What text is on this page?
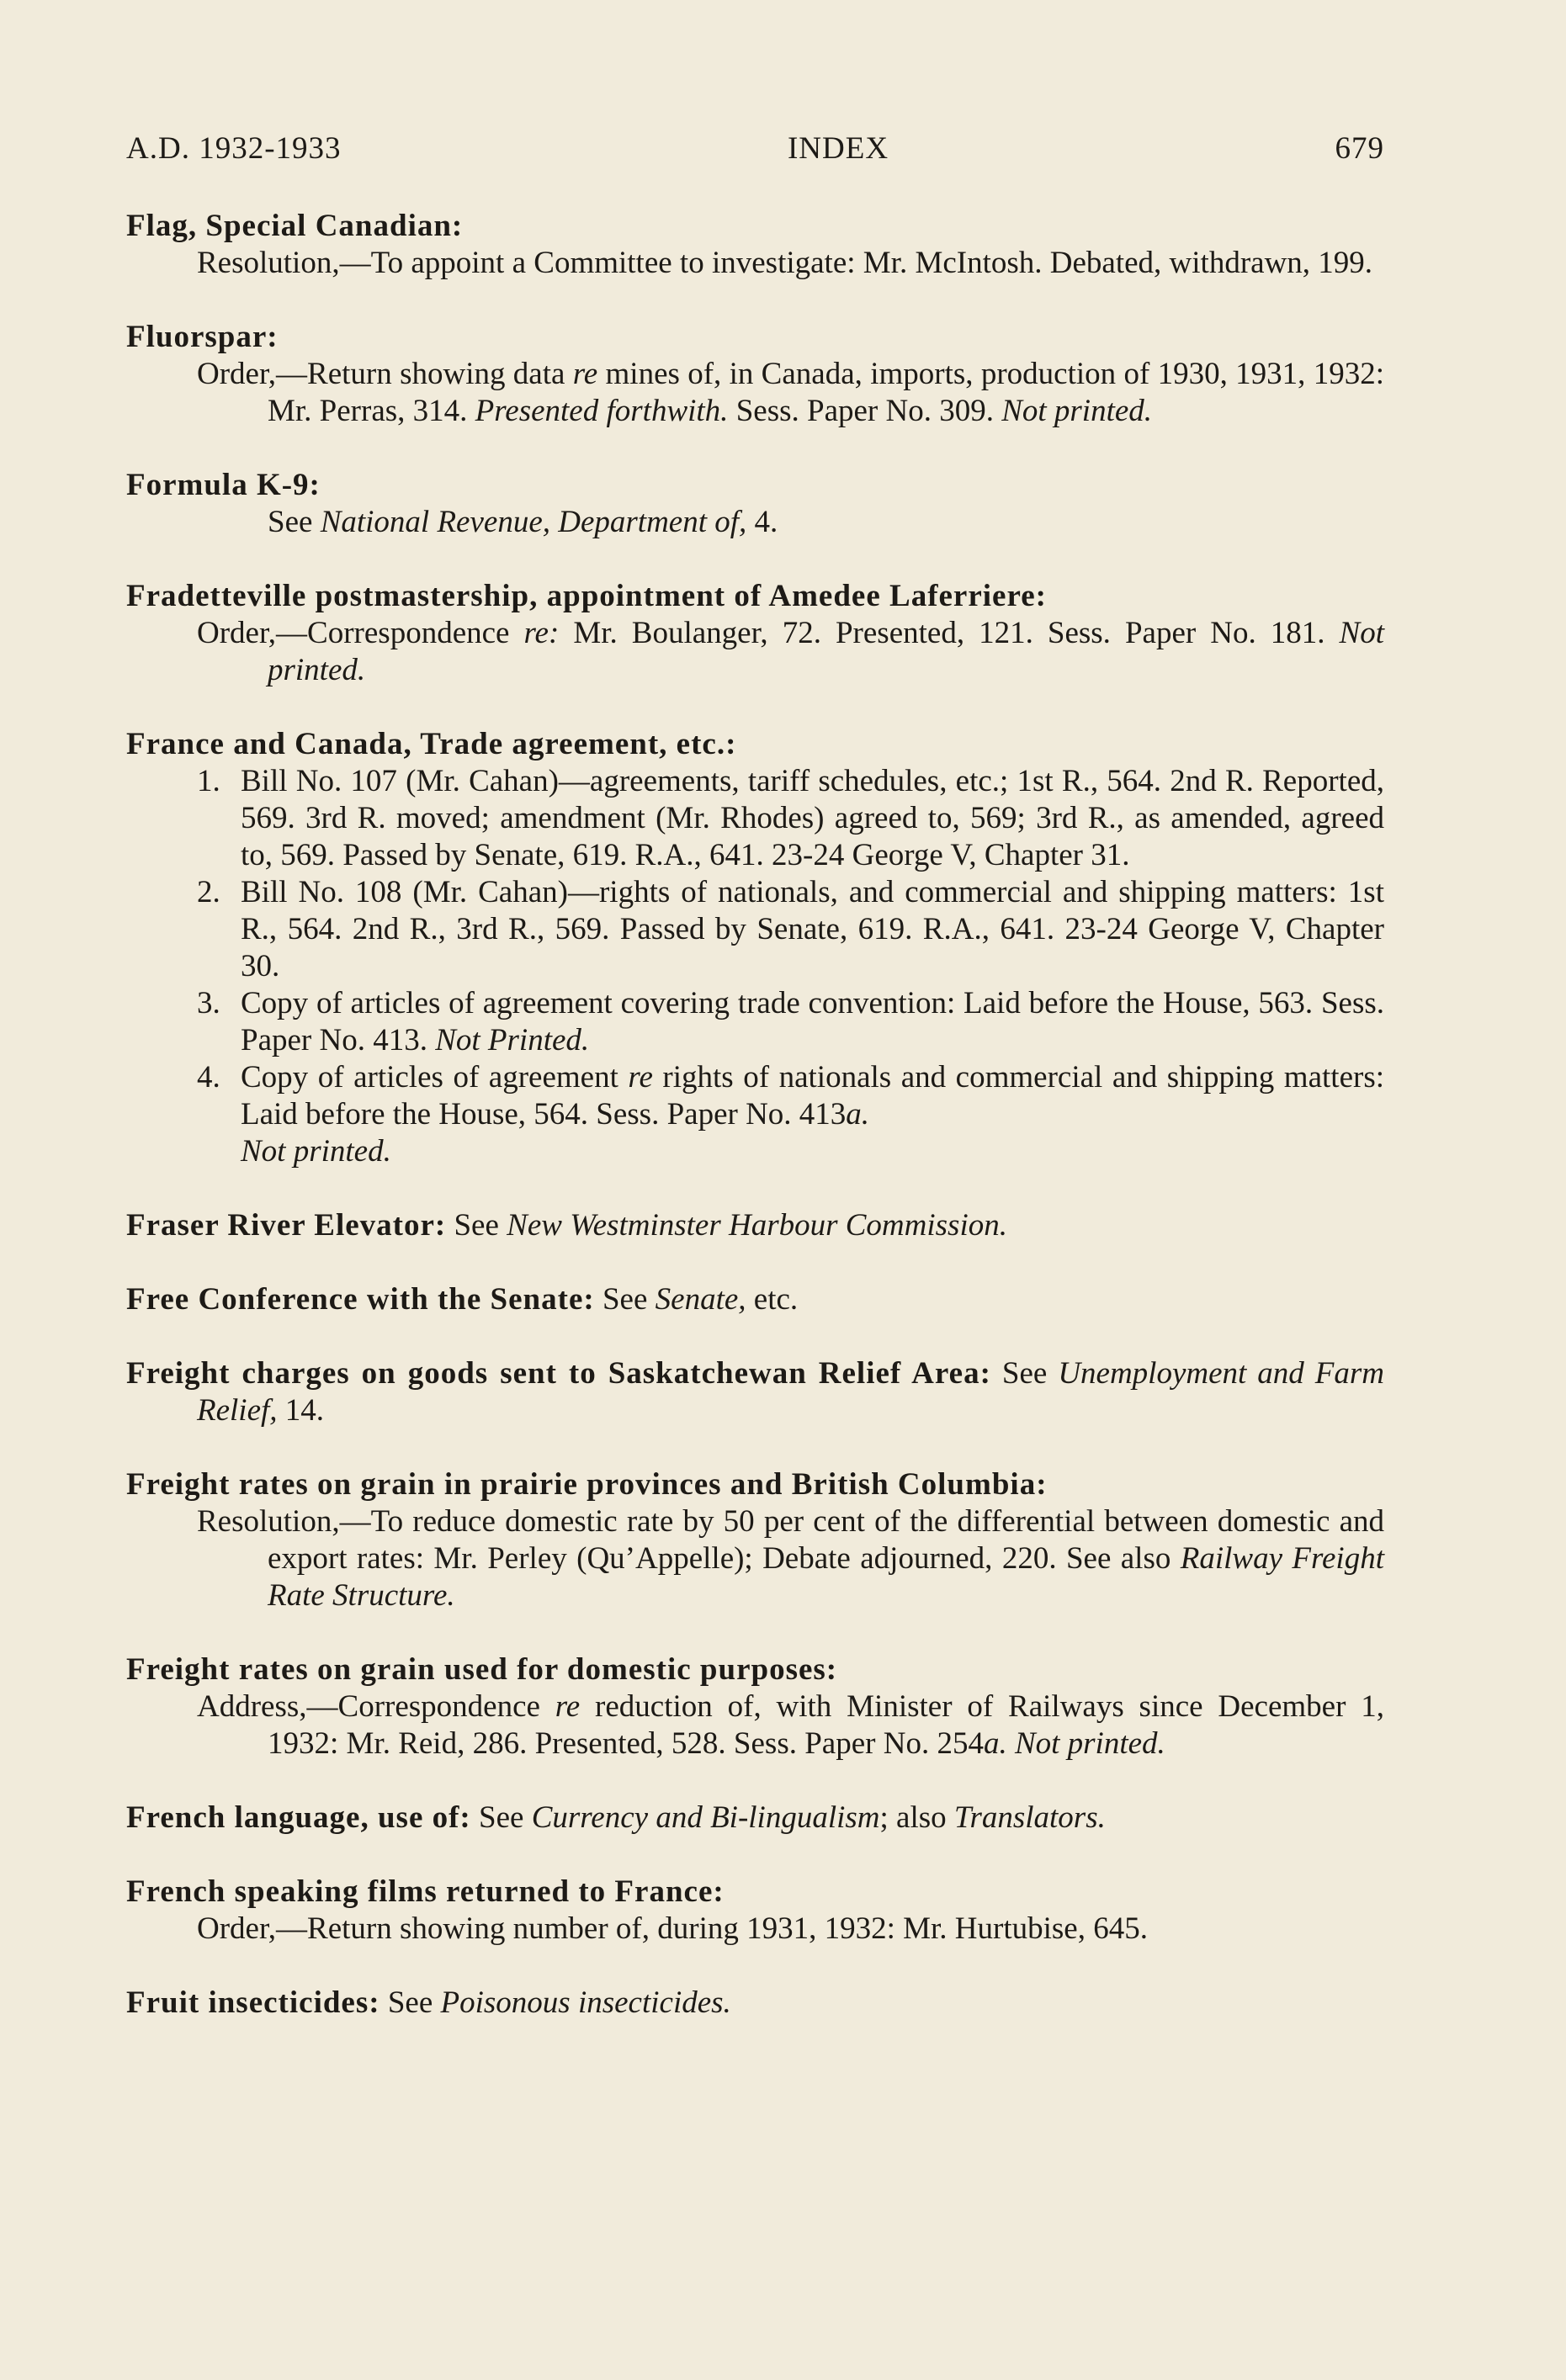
A.D. 1932-1933	INDEX	679
Flag, Special Canadian:
Resolution,—To appoint a Committee to investigate: Mr. McIntosh. Debated, withdrawn, 199.
Fluorspar:
Order,—Return showing data re mines of, in Canada, imports, production of 1930, 1931, 1932: Mr. Perras, 314. Presented forthwith. Sess. Paper No. 309. Not printed.
Formula K-9:
See National Revenue, Department of, 4.
Fradetteville postmastership, appointment of Amedee Laferriere:
Order,—Correspondence re: Mr. Boulanger, 72. Presented, 121. Sess. Paper No. 181. Not printed.
France and Canada, Trade agreement, etc.:
1. Bill No. 107 (Mr. Cahan)—agreements, tariff schedules, etc.; 1st R., 564. 2nd R. Reported, 569. 3rd R. moved; amendment (Mr. Rhodes) agreed to, 569; 3rd R., as amended, agreed to, 569. Passed by Senate, 619. R.A., 641. 23-24 George V, Chapter 31.
2. Bill No. 108 (Mr. Cahan)—rights of nationals, and commercial and shipping matters: 1st R., 564. 2nd R., 3rd R., 569. Passed by Senate, 619. R.A., 641. 23-24 George V, Chapter 30.
3. Copy of articles of agreement covering trade convention: Laid before the House, 563. Sess. Paper No. 413. Not Printed.
4. Copy of articles of agreement re rights of nationals and commercial and shipping matters: Laid before the House, 564. Sess. Paper No. 413a.
Not printed.
Fraser River Elevator: See New Westminster Harbour Commission.
Free Conference with the Senate: See Senate, etc.
Freight charges on goods sent to Saskatchewan Relief Area: See Unemployment and Farm Relief, 14.
Freight rates on grain in prairie provinces and British Columbia:
Resolution,—To reduce domestic rate by 50 per cent of the differential between domestic and export rates: Mr. Perley (Qu’Appelle); Debate adjourned, 220. See also Railway Freight Rate Structure.
Freight rates on grain used for domestic purposes:
Address,—Correspondence re reduction of, with Minister of Railways since December 1, 1932: Mr. Reid, 286. Presented, 528. Sess. Paper No. 254a. Not printed.
French language, use of: See Currency and Bi-lingualism; also Translators.
French speaking films returned to France:
Order,—Return showing number of, during 1931, 1932: Mr. Hurtubise, 645.
Fruit insecticides: See Poisonous insecticides.
